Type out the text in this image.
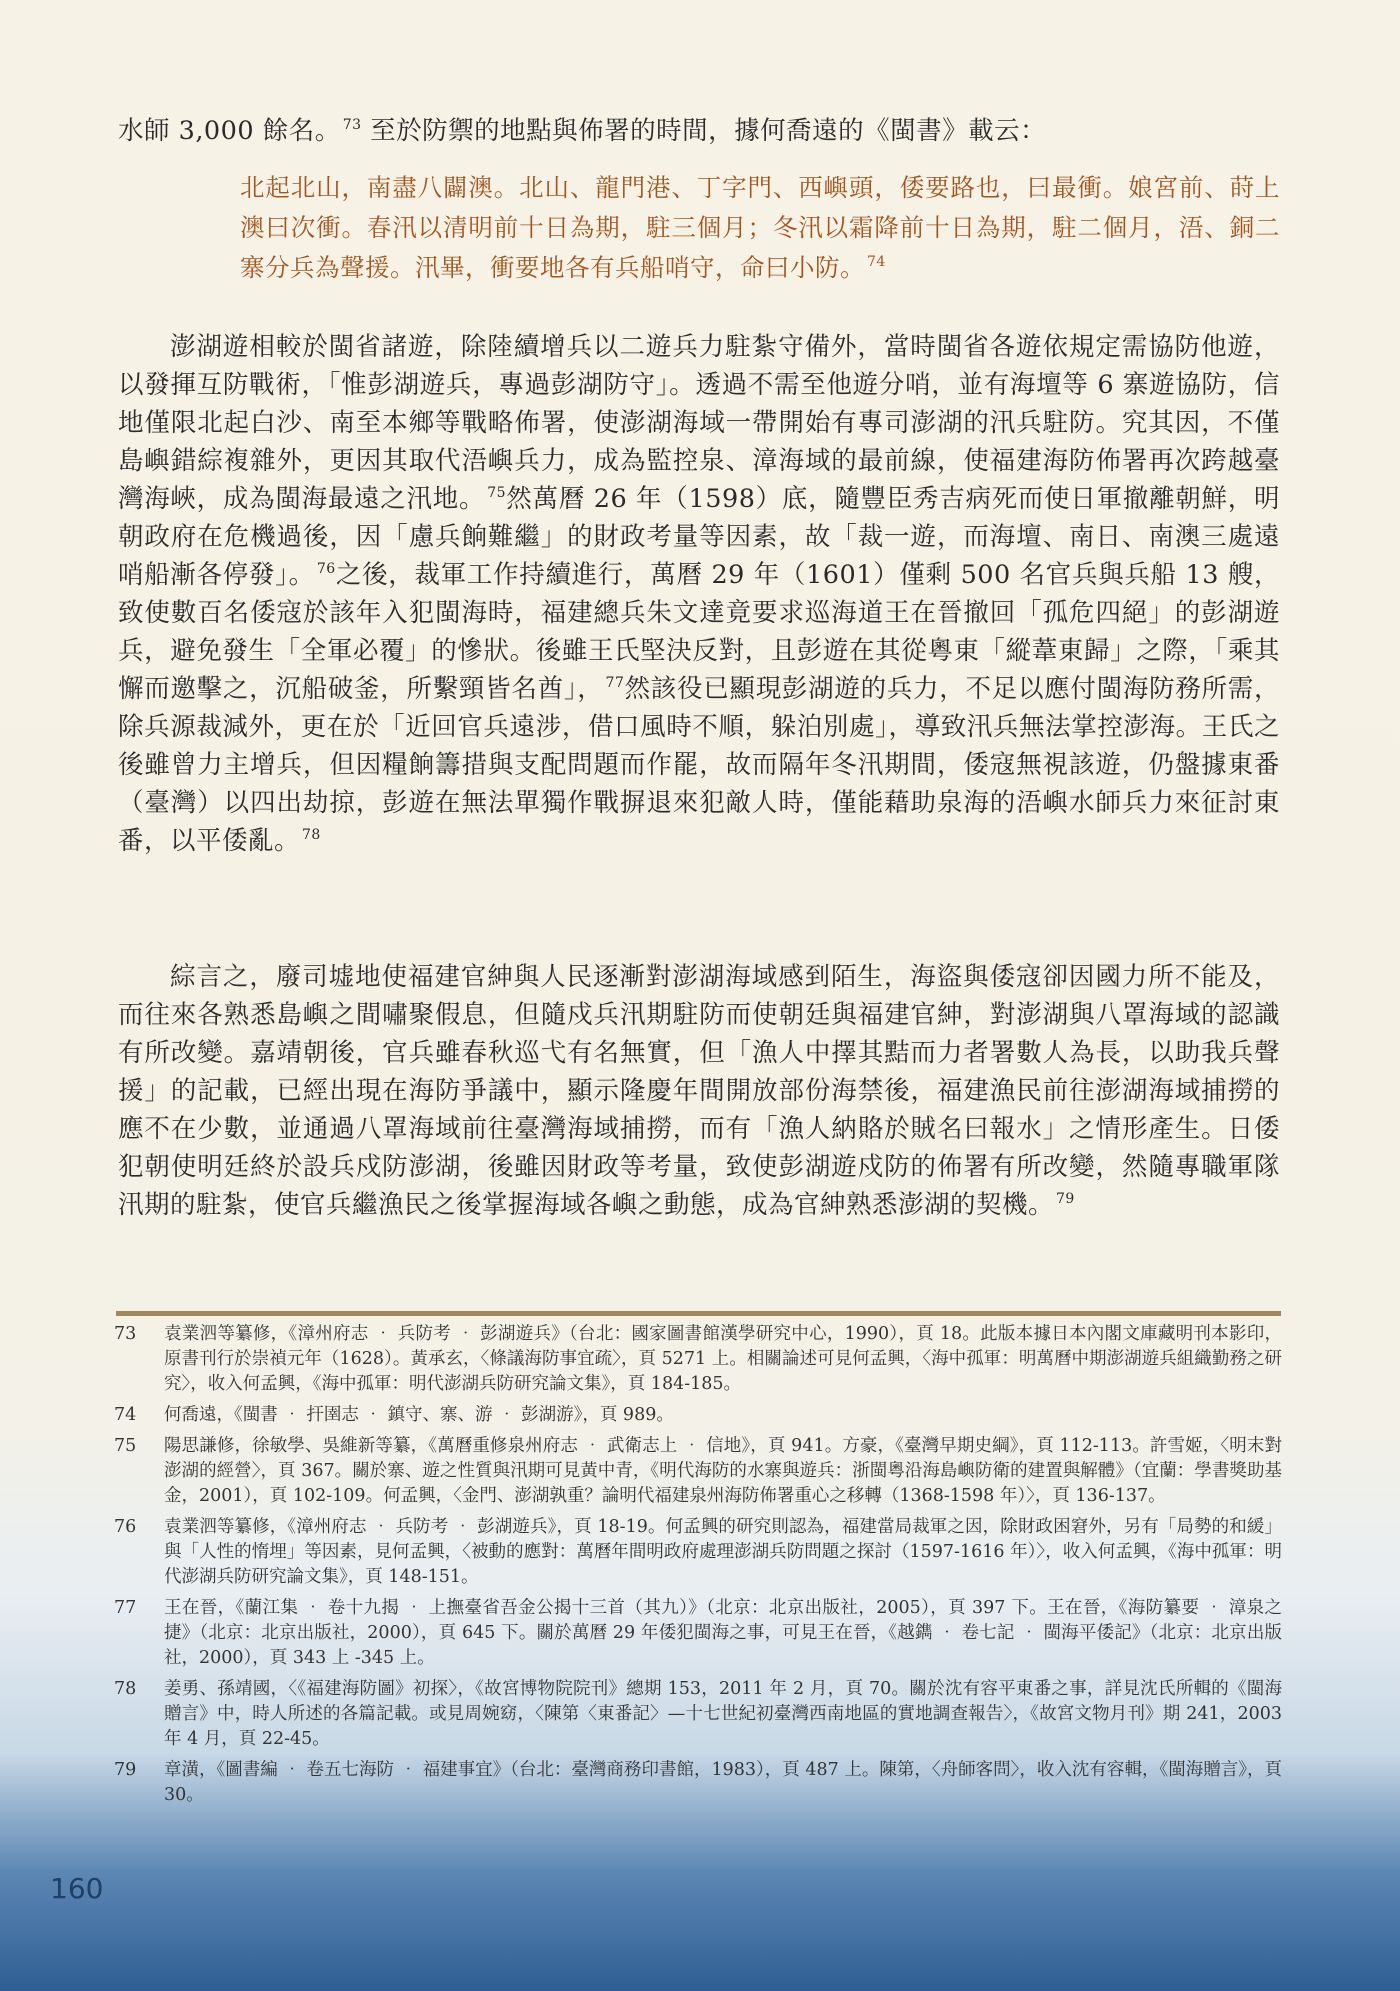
水師 3,000 餘名。 $^{73}$ 至於防禦的地點與佈署的時間，據何喬遠的《閩書》載云：

北起北山，南盡八闢澳。北山、龍門港、丁字門、西嶼頭，倭要路也，曰最衝。娘宮前、莳上澳曰次衝。春汛以清明前十日為期，駐三個月；冬汛以霜降前十日為期，駐二個月，浯、銅二寨分兵為聲援。汛畢，衝要地各有兵船哨守，命曰小防。 $^{74}$

澎湖遊相較於閩省諸遊，除陸續增兵以二遊兵力駐紮守備外，當時閩省各遊依規定需協防他遊，以發揮互防戰術，「惟彭湖遊兵，專過彭湖防守」。透過不需至他遊分哨，並有海壇等 6 寨遊協防，信地僅限北起白沙、南至本鄉等戰略佈署，使澎湖海域一帶開始有專司澎湖的汛兵駐防。究其因，不僅島嶼錯綜複雜外，更因其取代浯嶼兵力，成為監控泉、漳海域的最前線，使福建海防佈署再次跨越臺灣海峽，成為閩海最遠之汛地。 $^{75}$然萬曆 26 年（1598）底，隨豐臣秀吉病死而使日軍撤離朝鮮，明朝政府在危機過後，因「慮兵餉難繼」的財政考量等因素，故「裁一遊，而海壇、南日、南澳三處遠哨船漸各停發」。 $^{76}$之後，裁軍工作持續進行，萬曆 29 年（1601）僅剩 500 名官兵與兵船 13 艘，致使數百名倭寇於該年入犯閩海時，福建總兵朱文達竟要求巡海道王在晉撤回「孤危四絕」的彭湖遊兵，避免發生「全軍必覆」的慘狀。後雖王氏堅決反對，且彭遊在其從粵東「縱葦東歸」之際，「乘其懈而邀擊之，沉船破釜，所繫頸皆名酋」， $^{77}$然該役已顯現彭湖遊的兵力，不足以應付閩海防務所需，除兵源裁減外，更在於「近回官兵遠涉，借口風時不順，躲泊別處」，導致汛兵無法掌控澎海。王氏之後雖曾力主增兵，但因糧餉籌措與支配問題而作罷，故而隔年冬汛期間，倭寇無視該遊，仍盤據東番（臺灣）以四出劫掠，彭遊在無法單獨作戰摒退來犯敵人時，僅能藉助泉海的浯嶼水師兵力來征討東番，以平倭亂。 $^{78}$

綜言之，廢司墟地使福建官紳與人民逐漸對澎湖海域感到陌生，海盜與倭寇卻因國力所不能及，而往來各熟悉島嶼之間嘯聚假息，但隨戍兵汛期駐防而使朝廷與福建官紳，對澎湖與八罩海域的認識有所改變。嘉靖朝後，官兵雖春秋巡弋有名無實，但「漁人中擇其黠而力者署數人為長，以助我兵聲援」的記載，已經出現在海防爭議中，顯示隆慶年間開放部份海禁後，福建漁民前往澎湖海域捕撈的應不在少數，並通過八罩海域前往臺灣海域捕撈，而有「漁人納賂於賊名曰報水」之情形產生。日倭犯朝使明廷終於設兵戍防澎湖，後雖因財政等考量，致使彭湖遊戍防的佈署有所改變，然隨專職軍隊汛期的駐紮，使官兵繼漁民之後掌握海域各嶼之動態，成為官紳熟悉澎湖的契機。 $^{79}$

73	袁業泗等纂修，《漳州府志 ‧ 兵防考 ‧ 彭湖遊兵》（台北：國家圖書館漢學研究中心，1990），頁 18。此版本據日本內閣文庫藏明刊本影印，原書刊行於崇禎元年（1628）。黃承玄，〈條議海防事宜疏〉，頁 5271 上。相關論述可見何孟興，〈海中孤軍：明萬曆中期澎湖遊兵組織勤務之研究〉，收入何孟興，《海中孤軍：明代澎湖兵防研究論文集》，頁 184-185。
74	何喬遠，《閩書 ‧ 扞圉志 ‧ 鎮守、寨、游 ‧ 彭湖游》，頁 989。
75	陽思謙修，徐敏學、吳維新等纂，《萬曆重修泉州府志 ‧ 武衛志上 ‧ 信地》，頁 941。方豪，《臺灣早期史綱》，頁 112-113。許雪姬，〈明末對澎湖的經營〉，頁 367。關於寨、遊之性質與汛期可見黃中青，《明代海防的水寨與遊兵：浙閩粵沿海島嶼防衛的建置與解體》（宜蘭：學書獎助基金，2001），頁 102-109。何孟興，〈金門、澎湖孰重？論明代福建泉州海防佈署重心之移轉（1368-1598 年）〉，頁 136-137。
76	袁業泗等纂修，《漳州府志 ‧ 兵防考 ‧ 彭湖遊兵》，頁 18-19。何孟興的研究則認為，福建當局裁軍之因，除財政困窘外，另有「局勢的和緩」與「人性的惰埋」等因素，見何孟興，〈被動的應對：萬曆年間明政府處理澎湖兵防問題之探討（1597-1616 年）〉，收入何孟興，《海中孤軍：明代澎湖兵防研究論文集》，頁 148-151。
77	王在晉，《蘭江集 ‧ 卷十九揭 ‧ 上撫臺省吾金公揭十三首（其九）》（北京：北京出版社，2005），頁 397 下。王在晉，《海防纂要 ‧ 漳泉之捷》（北京：北京出版社，2000），頁 645 下。關於萬曆 29 年倭犯閩海之事，可見王在晉，《越鐫 ‧ 卷七記 ‧ 閩海平倭記》（北京：北京出版社，2000），頁 343 上 -345 上。
78	姜勇、孫靖國，〈《福建海防圖》初探〉，《故宮博物院院刊》總期 153，2011 年 2 月，頁 70。關於沈有容平東番之事，詳見沈氏所輯的《閩海贈言》中，時人所述的各篇記載。或見周婉窈，〈陳第〈東番記〉—十七世紀初臺灣西南地區的實地調查報告〉，《故宮文物月刊》期 241，2003 年 4 月，頁 22-45。
79	章潢，《圖書編 ‧ 卷五七海防 ‧ 福建事宜》（台北：臺灣商務印書館，1983），頁 487 上。陳第，〈舟師客問〉，收入沈有容輯，《閩海贈言》，頁 30。
160
